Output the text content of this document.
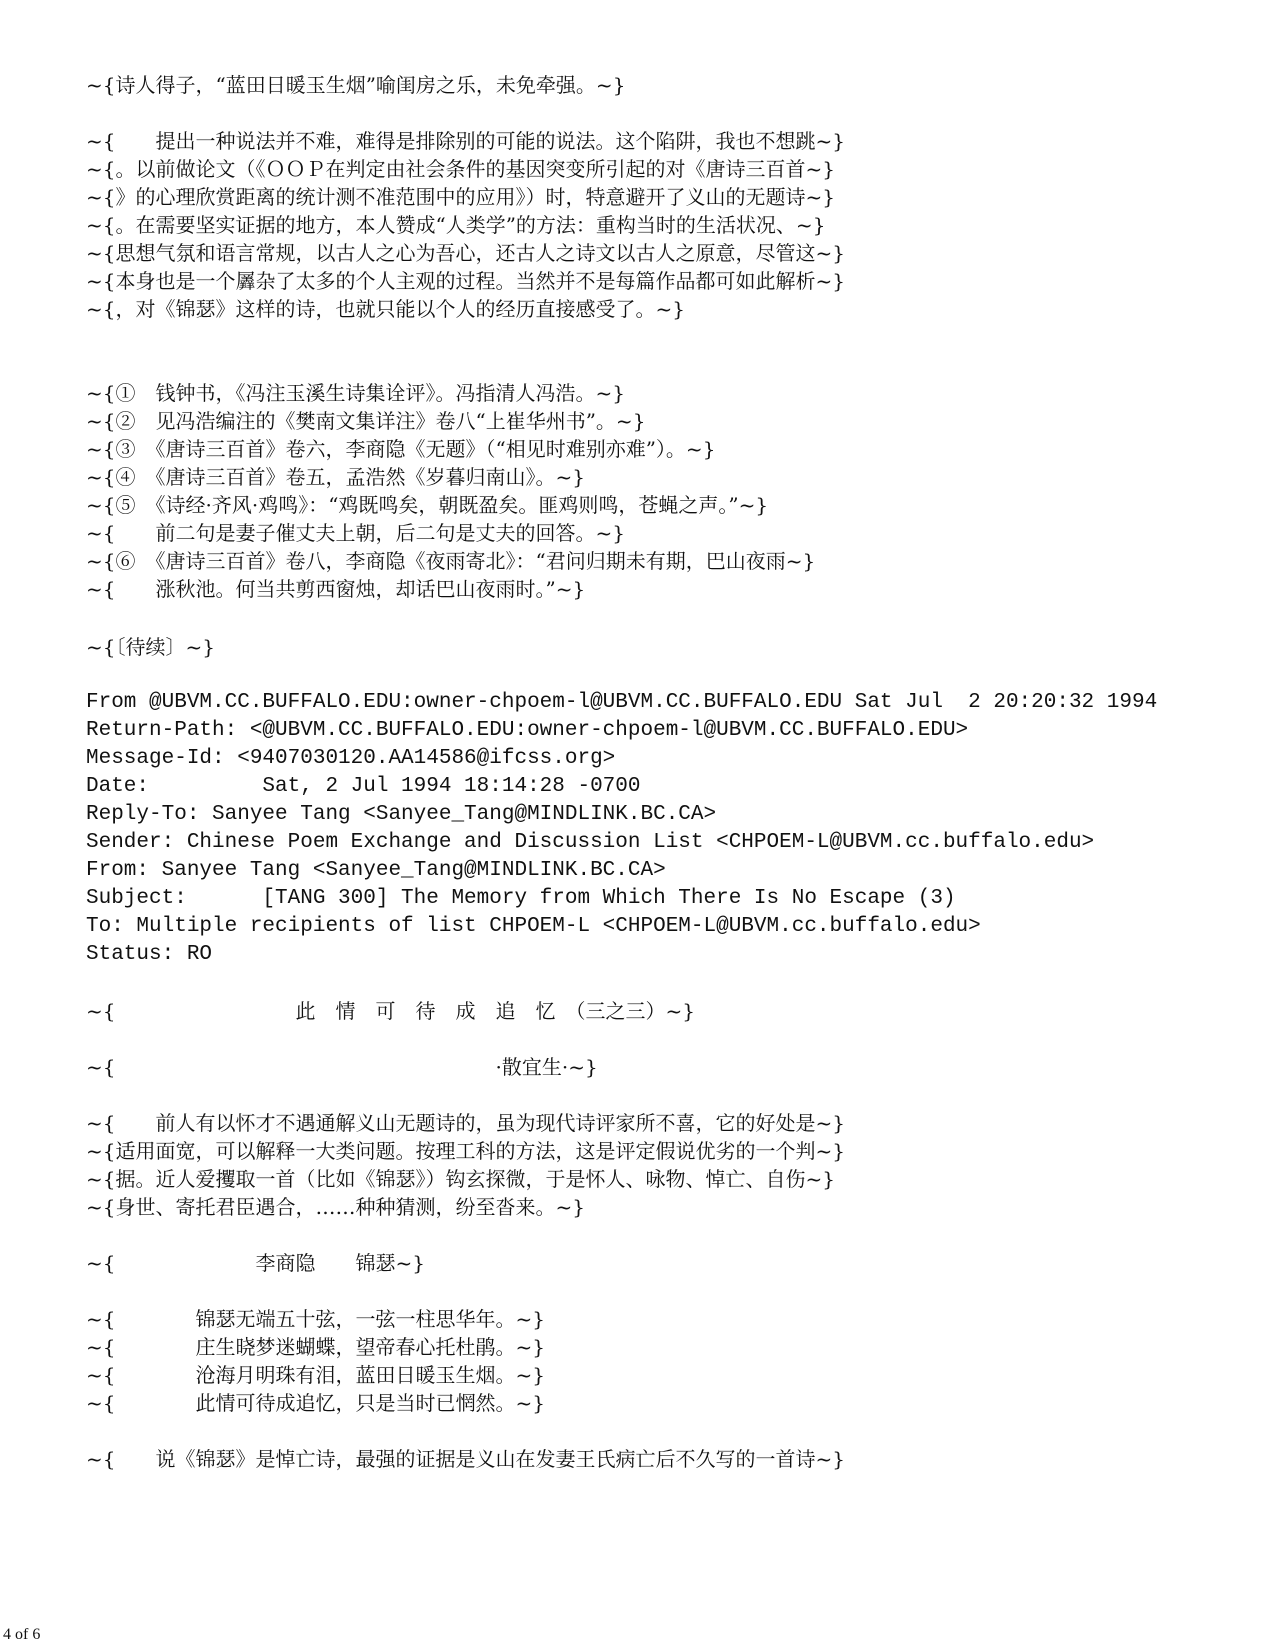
~{诗人得子，“蓝田日暖玉生烟”喻闺房之乐，未免牵强。~}
~{　　提出一种说法并不难，难得是排除别的可能的说法。这个陷阱，我也不想跳~}
~{。以前做论文（《ＯＯＰ在判定由社会条件的基因突变所引起的对《唐诗三百首~}
~{》的心理欣赏距离的统计测不准范围中的应用》）时，特意避开了义山的无题诗~}
~{。在需要坚实证据的地方，本人赞成“人类学”的方法：重构当时的生活状况、~}
~{思想气氛和语言常规，以古人之心为吾心，还古人之诗文以古人之原意，尽管这~}
~{本身也是一个羼杂了太多的个人主观的过程。当然并不是每篇作品都可如此解析~}
~{，对《锦瑟》这样的诗，也就只能以个人的经历直接感受了。~}
~{①　钱钟书，《冯注玉溪生诗集诠评》。冯指清人冯浩。~}
~{②　见冯浩编注的《樊南文集详注》卷八“上崔华州书”。~}
~{③　《唐诗三百首》卷六，李商隐《无题》（“相见时难别亦难”）。~}
~{④　《唐诗三百首》卷五，孟浩然《岁暮归南山》。~}
~{⑤　《诗经·齐风·鸡鸣》：“鸡既鸣矣，朝既盈矣。匪鸡则鸣，苍蝇之声。”~}
~{　　前二句是妻子催丈夫上朝，后二句是丈夫的回答。~}
~{⑥　《唐诗三百首》卷八，李商隐《夜雨寄北》：“君问归期未有期，巴山夜雨~}
~{　　涨秋池。何当共剪西窗烛，却话巴山夜雨时。”~}
~{〔待续〕~}
From @UBVM.CC.BUFFALO.EDU:owner-chpoem-l@UBVM.CC.BUFFALO.EDU Sat Jul  2 20:20:32 1994
Return-Path: <@UBVM.CC.BUFFALO.EDU:owner-chpoem-l@UBVM.CC.BUFFALO.EDU>
Message-Id: <9407030120.AA14586@ifcss.org>
Date:         Sat, 2 Jul 1994 18:14:28 -0700
Reply-To: Sanyee Tang <Sanyee_Tang@MINDLINK.BC.CA>
Sender: Chinese Poem Exchange and Discussion List <CHPOEM-L@UBVM.cc.buffalo.edu>
From: Sanyee Tang <Sanyee_Tang@MINDLINK.BC.CA>
Subject:      [TANG 300] The Memory from Which There Is No Escape (3)
To: Multiple recipients of list CHPOEM-L <CHPOEM-L@UBVM.cc.buffalo.edu>
Status: RO
~{　　　　　　　　　此　情　可　待　成　追　忆　（三之三）~}
~{　　　　　　　　　　　　　　　　　　　·散宜生·~}
~{　　前人有以怀才不遇通解义山无题诗的，虽为现代诗评家所不喜，它的好处是~}
~{适用面宽，可以解释一大类问题。按理工科的方法，这是评定假说优劣的一个判~}
~{据。近人爱攫取一首（比如《锦瑟》）钩玄探微，于是怀人、咏物、悼亡、自伤~}
~{身世、寄托君臣遇合，……种种猜测，纷至沓来。~}
~{　　　　　　　李商隐　　锦瑟~}
~{　　　　锦瑟无端五十弦，一弦一柱思华年。~}
~{　　　　庄生晓梦迷蝴蝶，望帝春心托杜鹃。~}
~{　　　　沧海月明珠有泪，蓝田日暖玉生烟。~}
~{　　　　此情可待成追忆，只是当时已惘然。~}
~{　　说《锦瑟》是悼亡诗，最强的证据是义山在发妻王氏病亡后不久写的一首诗~}
4 of 6
